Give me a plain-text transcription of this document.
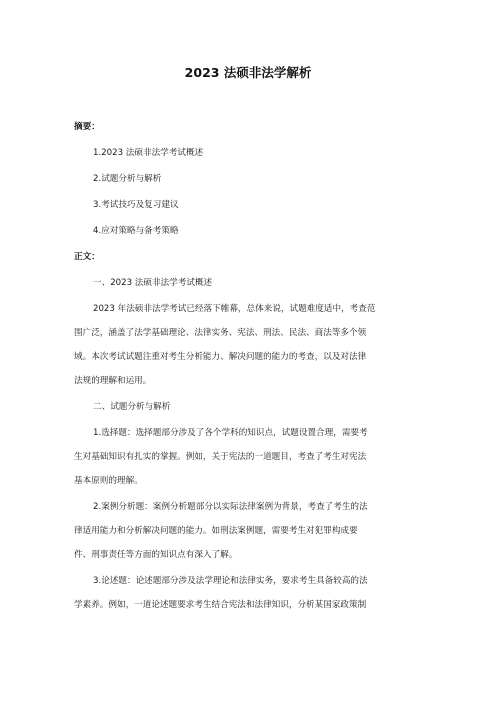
2023 法硕非法学解析
摘要：
1.2023 法硕非法学考试概述
2.试题分析与解析
3.考试技巧及复习建议
4.应对策略与备考策略
正文：
一、2023 法硕非法学考试概述
2023 年法硕非法学考试已经落下帷幕，总体来说，试题难度适中，考查范
围广泛，涵盖了法学基础理论、法律实务、宪法、刑法、民法、商法等多个领
域。本次考试试题注重对考生分析能力、解决问题的能力的考查，以及对法律
法规的理解和运用。
二、试题分析与解析
1.选择题：选择题部分涉及了各个学科的知识点，试题设置合理，需要考
生对基础知识有扎实的掌握。例如，关于宪法的一道题目，考查了考生对宪法
基本原则的理解。
2.案例分析题：案例分析题部分以实际法律案例为背景，考查了考生的法
律适用能力和分析解决问题的能力。如刑法案例题，需要考生对犯罪构成要
件、刑事责任等方面的知识点有深入了解。
3.论述题：论述题部分涉及法学理论和法律实务，要求考生具备较高的法
学素养。例如，一道论述题要求考生结合宪法和法律知识，分析某国家政策制
